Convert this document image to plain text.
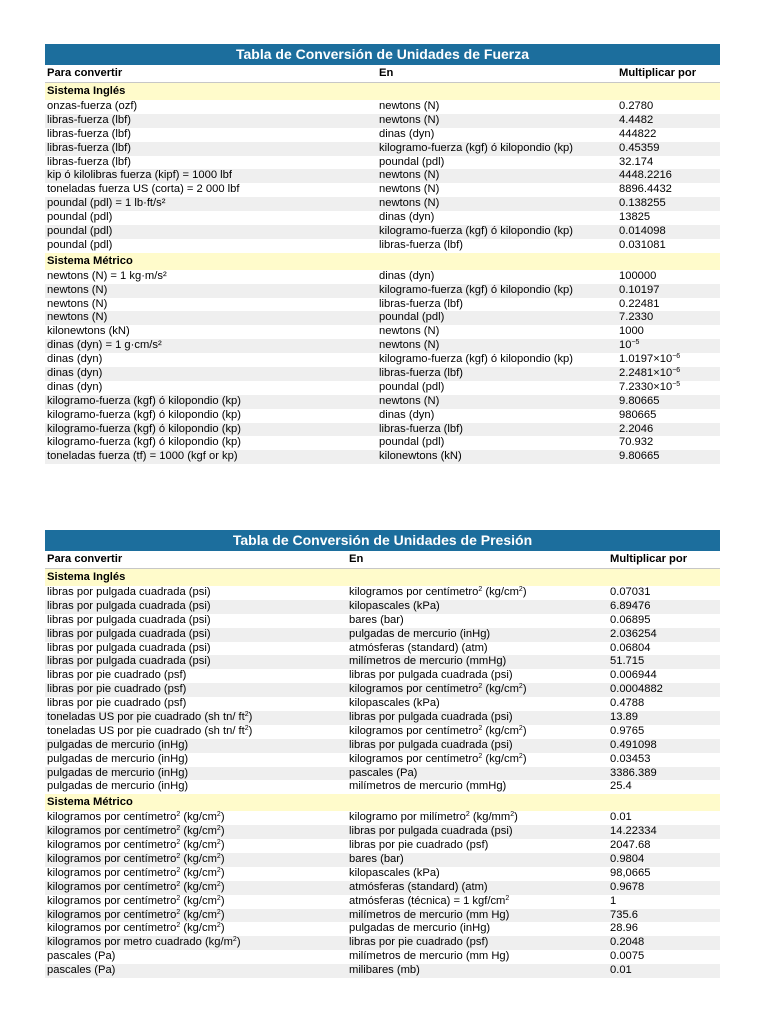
Tabla de Conversión de Unidades de Fuerza
Para convertir	En	Multiplicar por
Sistema Inglés
onzas-fuerza (ozf)	newtons (N)	0.2780
libras-fuerza (lbf)	newtons (N)	4.4482
libras-fuerza (lbf)	dinas (dyn)	444822
libras-fuerza (lbf)	kilogramo-fuerza (kgf) ó kilopondio (kp)	0.45359
libras-fuerza (lbf)	poundal (pdl)	32.174
kip ó kilolibras fuerza (kipf) = 1000 lbf	newtons (N)	4448.2216
toneladas fuerza US (corta) = 2 000 lbf	newtons (N)	8896.4432
poundal (pdl) = 1 lb·ft/s²	newtons (N)	0.138255
poundal (pdl)	dinas (dyn)	13825
poundal (pdl)	kilogramo-fuerza (kgf) ó kilopondio (kp)	0.014098
poundal (pdl)	libras-fuerza (lbf)	0.031081
Sistema Métrico
newtons (N) = 1 kg·m/s²	dinas (dyn)	100000
newtons (N)	kilogramo-fuerza (kgf) ó kilopondio (kp)	0.10197
newtons (N)	libras-fuerza (lbf)	0.22481
newtons (N)	poundal (pdl)	7.2330
kilonewtons (kN)	newtons (N)	1000
dinas (dyn) = 1 g·cm/s²	newtons (N)	$10^{-5}$
dinas (dyn)	kilogramo-fuerza (kgf) ó kilopondio (kp)	$1.0197\times 10^{-6}$
dinas (dyn)	libras-fuerza (lbf)	$2.2481\times 10^{-6}$
dinas (dyn)	poundal (pdl)	$7.2330\times 10^{-5}$
kilogramo-fuerza (kgf) ó kilopondio (kp)	newtons (N)	9.80665
kilogramo-fuerza (kgf) ó kilopondio (kp)	dinas (dyn)	980665
kilogramo-fuerza (kgf) ó kilopondio (kp)	libras-fuerza (lbf)	2.2046
kilogramo-fuerza (kgf) ó kilopondio (kp)	poundal (pdl)	70.932
toneladas fuerza (tf) = 1000 (kgf or kp)	kilonewtons (kN)	9.80665
Tabla de Conversión de Unidades de Presión
Para convertir	En	Multiplicar por
Sistema Inglés
libras por pulgada cuadrada (psi)	kilogramos por centímetro$^2$ $(kg/cm^2)$	0.07031
libras por pulgada cuadrada (psi)	kilopascales (kPa)	6.89476
libras por pulgada cuadrada (psi)	bares (bar)	0.06895
libras por pulgada cuadrada (psi)	pulgadas de mercurio (inHg)	2.036254
libras por pulgada cuadrada (psi)	atmósferas (standard) (atm)	0.06804
libras por pulgada cuadrada (psi)	milímetros de mercurio (mmHg)	51.715
libras por pie cuadrado (psf)	libras por pulgada cuadrada (psi)	0.006944
libras por pie cuadrado (psf)	kilogramos por centímetro$^2$ $(kg/cm^2)$	0.0004882
libras por pie cuadrado (psf)	kilopascales (kPa)	0.4788
toneladas US por pie cuadrado (sh tn/ $ft^2$)	libras por pulgada cuadrada (psi)	13.89
toneladas US por pie cuadrado (sh tn/ $ft^2$)	kilogramos por centímetro$^2$ $(kg/cm^2)$	0.9765
pulgadas de mercurio (inHg)	libras por pulgada cuadrada (psi)	0.491098
pulgadas de mercurio (inHg)	kilogramos por centímetro$^2$ $(kg/cm^2)$	0.03453
pulgadas de mercurio (inHg)	pascales (Pa)	3386.389
pulgadas de mercurio (inHg)	milímetros de mercurio (mmHg)	25.4
Sistema Métrico
kilogramos por centímetro$^2$ $(kg/cm^2)$	kilogramo por milímetro$^2$ $(kg/mm^2)$	0.01
kilogramos por centímetro$^2$ $(kg/cm^2)$	libras por pulgada cuadrada (psi)	14.22334
kilogramos por centímetro$^2$ $(kg/cm^2)$	libras por pie cuadrado (psf)	2047.68
kilogramos por centímetro$^2$ $(kg/cm^2)$	bares (bar)	0.9804
kilogramos por centímetro$^2$ $(kg/cm^2)$	kilopascales (kPa)	98,0665
kilogramos por centímetro$^2$ $(kg/cm^2)$	atmósferas (standard) (atm)	0.9678
kilogramos por centímetro$^2$ $(kg/cm^2)$	atmósferas (técnica) = 1 kgf/$cm^2$	1
kilogramos por centímetro$^2$ $(kg/cm^2)$	milímetros de mercurio (mm Hg)	735.6
kilogramos por centímetro$^2$ $(kg/cm^2)$	pulgadas de mercurio (inHg)	28.96
kilogramos por metro cuadrado $(kg/m^2)$	libras por pie cuadrado (psf)	0.2048
pascales (Pa)	milímetros de mercurio (mm Hg)	0.0075
pascales (Pa)	milibares (mb)	0.01
